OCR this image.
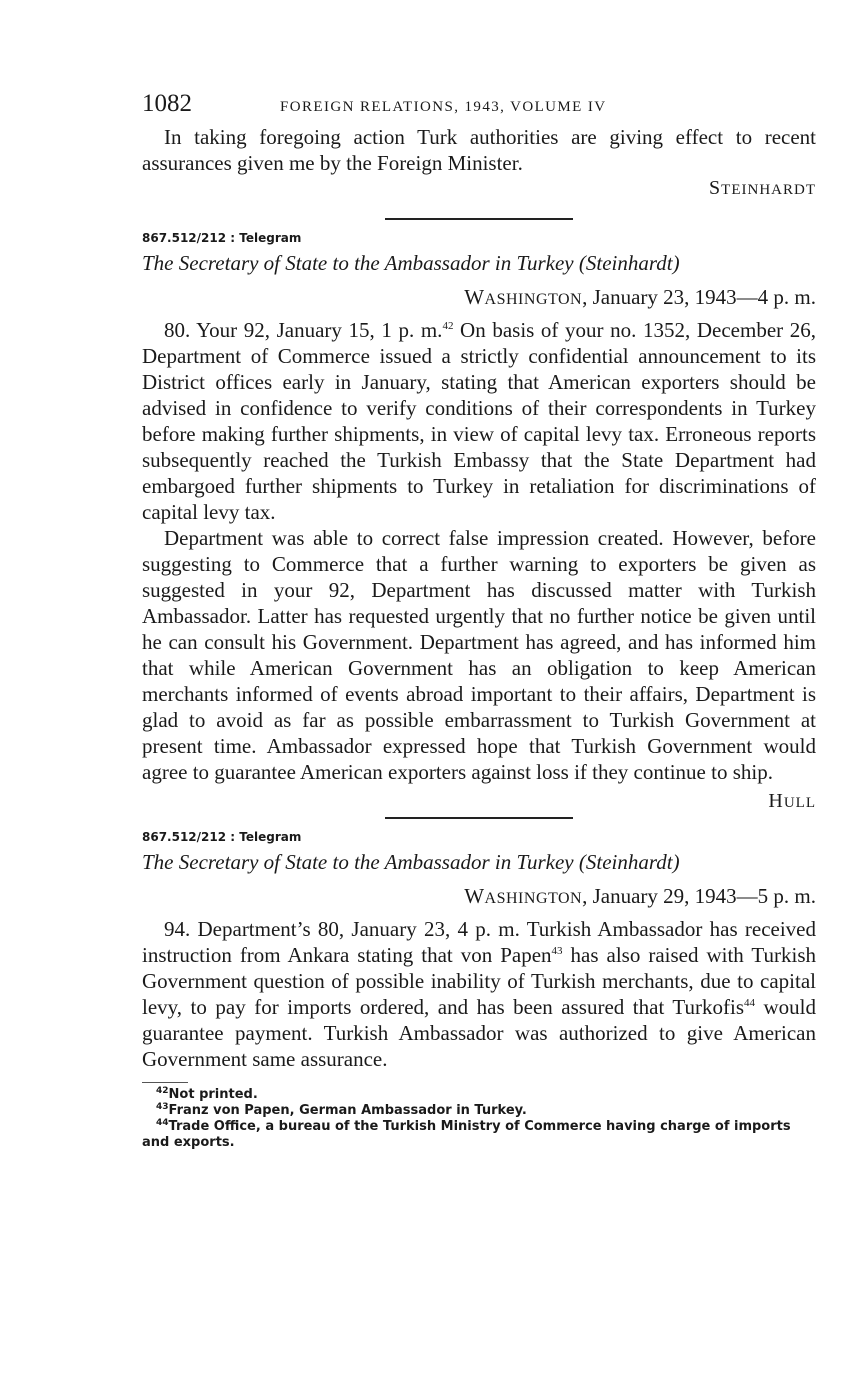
1082	FOREIGN RELATIONS, 1943, VOLUME IV

In taking foregoing action Turk authorities are giving effect to recent assurances given me by the Foreign Minister.

STEINHARDT
867.512/212 : Telegram
The Secretary of State to the Ambassador in Turkey (Steinhardt)
WASHINGTON, January 23, 1943—4 p. m.

80. Your 92, January 15, 1 p. m.$^{42}$ On basis of your no. 1352, December 26, Department of Commerce issued a strictly confidential announcement to its District offices early in January, stating that American exporters should be advised in confidence to verify conditions of their correspondents in Turkey before making further shipments, in view of capital levy tax. Erroneous reports subsequently reached the Turkish Embassy that the State Department had embargoed further shipments to Turkey in retaliation for discriminations of capital levy tax.

Department was able to correct false impression created. However, before suggesting to Commerce that a further warning to exporters be given as suggested in your 92, Department has discussed matter with Turkish Ambassador. Latter has requested urgently that no further notice be given until he can consult his Government. Department has agreed, and has informed him that while American Government has an obligation to keep American merchants informed of events abroad important to their affairs, Department is glad to avoid as far as possible embarrassment to Turkish Government at present time. Ambassador expressed hope that Turkish Government would agree to guarantee American exporters against loss if they continue to ship.

HULL
867.512/212 : Telegram
The Secretary of State to the Ambassador in Turkey (Steinhardt)
WASHINGTON, January 29, 1943—5 p. m.

94. Department’s 80, January 23, 4 p. m. Turkish Ambassador has received instruction from Ankara stating that von Papen$^{43}$ has also raised with Turkish Government question of possible inability of Turkish merchants, due to capital levy, to pay for imports ordered, and has been assured that Turkofis$^{44}$ would guarantee payment. Turkish Ambassador was authorized to give American Government same assurance.

$^{42}$Not printed.

$^{43}$Franz von Papen, German Ambassador in Turkey.

$^{44}$Trade Office, a bureau of the Turkish Ministry of Commerce having charge of imports and exports.
